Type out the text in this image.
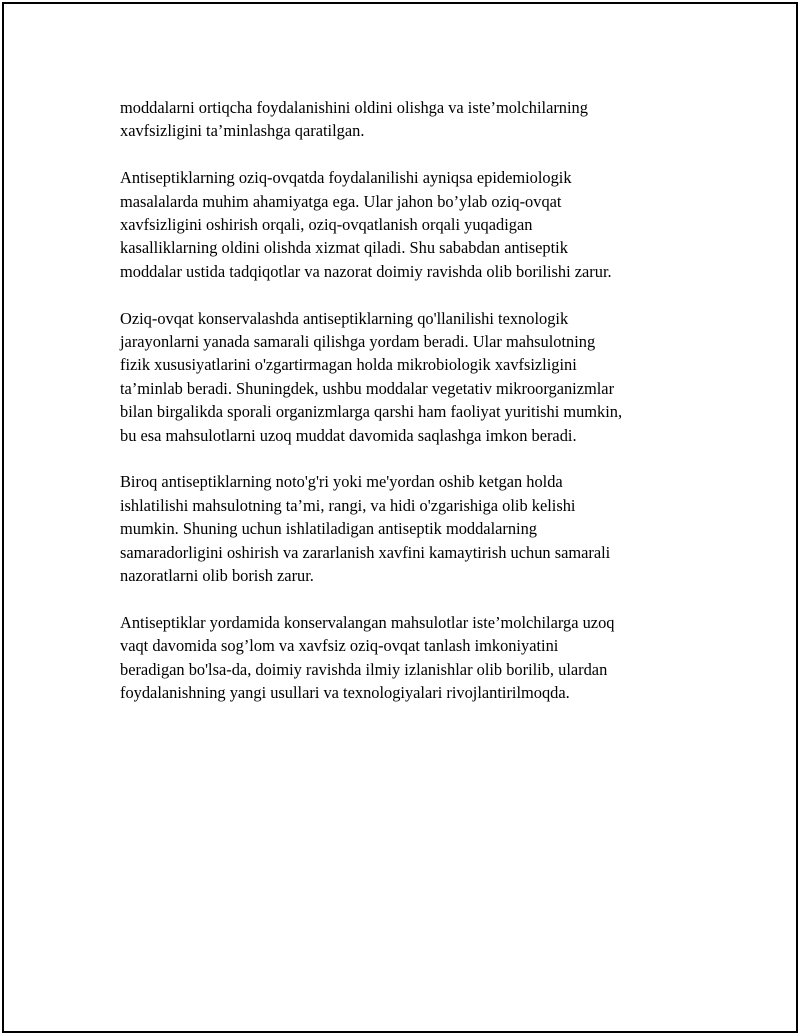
moddalarni ortiqcha foydalanishini oldini olishga va iste’molchilarning
xavfsizligini ta’minlashga qaratilgan.

Antiseptiklarning oziq-ovqatda foydalanilishi ayniqsa epidemiologik
masalalarda muhim ahamiyatga ega. Ular jahon bo’ylab oziq-ovqat
xavfsizligini oshirish orqali, oziq-ovqatlanish orqali yuqadigan
kasalliklarning oldini olishda xizmat qiladi. Shu sababdan antiseptik
moddalar ustida tadqiqotlar va nazorat doimiy ravishda olib borilishi zarur.

Oziq-ovqat konservalashda antiseptiklarning qo'llanilishi texnologik
jarayonlarni yanada samarali qilishga yordam beradi. Ular mahsulotning
fizik xususiyatlarini o'zgartirmagan holda mikrobiologik xavfsizligini
ta’minlab beradi. Shuningdek, ushbu moddalar vegetativ mikroorganizmlar
bilan birgalikda sporali organizmlarga qarshi ham faoliyat yuritishi mumkin,
bu esa mahsulotlarni uzoq muddat davomida saqlashga imkon beradi.

Biroq antiseptiklarning noto'g'ri yoki me'yordan oshib ketgan holda
ishlatilishi mahsulotning ta’mi, rangi, va hidi o'zgarishiga olib kelishi
mumkin. Shuning uchun ishlatiladigan antiseptik moddalarning
samaradorligini oshirish va zararlanish xavfini kamaytirish uchun samarali
nazoratlarni olib borish zarur.

Antiseptiklar yordamida konservalangan mahsulotlar iste’molchilarga uzoq
vaqt davomida sog’lom va xavfsiz oziq-ovqat tanlash imkoniyatini
beradigan bo'lsa-da, doimiy ravishda ilmiy izlanishlar olib borilib, ulardan
foydalanishning yangi usullari va texnologiyalari rivojlantirilmoqda.
